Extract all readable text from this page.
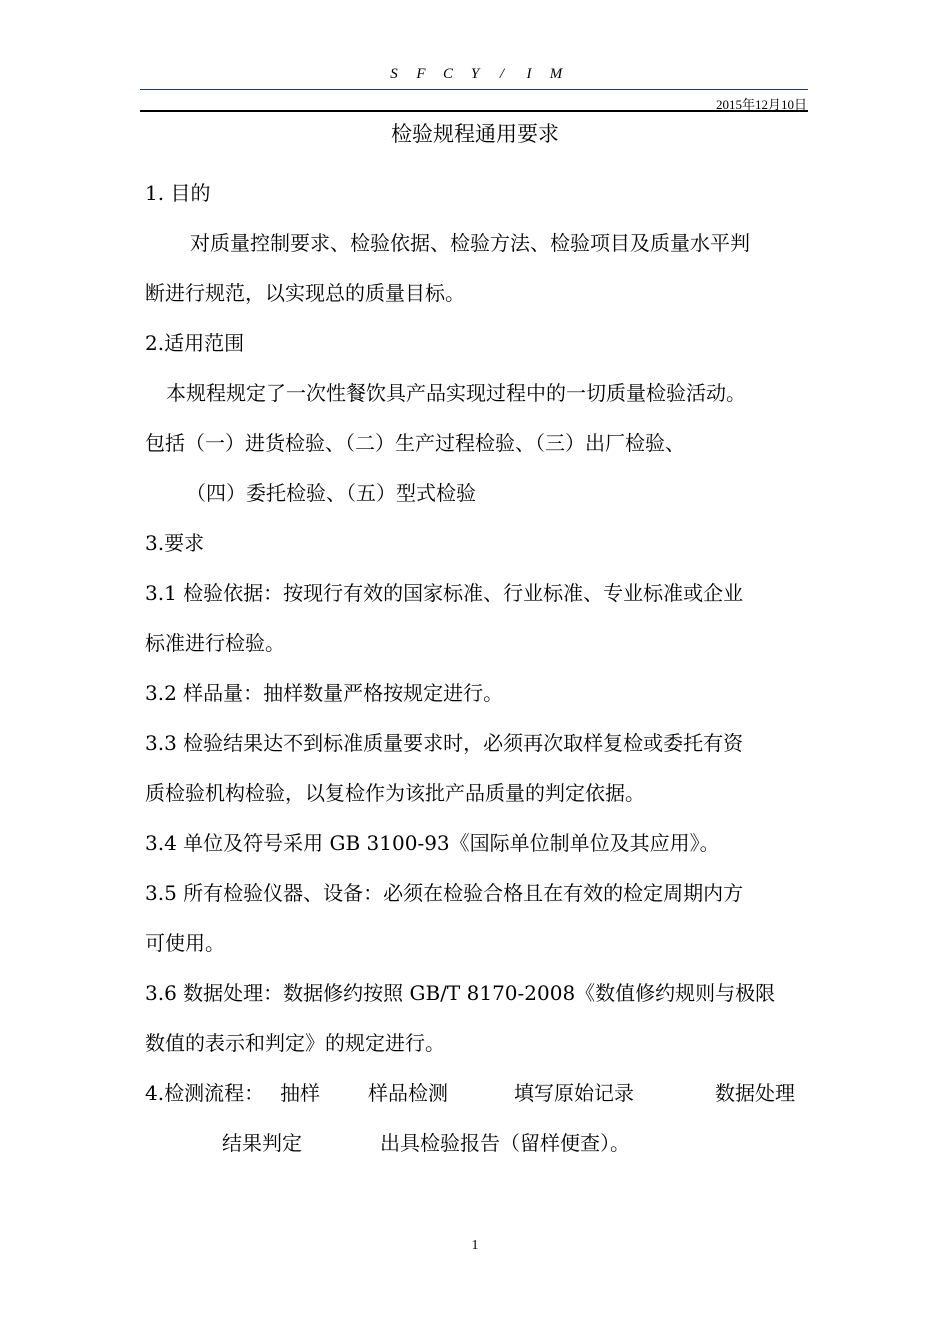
S F C Y / I M
2015年12月10日
检验规程通用要求
1. 目的
对质量控制要求、检验依据、检验方法、检验项目及质量水平判
断进行规范，以实现总的质量目标。
2.适用范围
本规程规定了一次性餐饮具产品实现过程中的一切质量检验活动。
包括（一）进货检验、（二）生产过程检验、（三）出厂检验、
（四）委托检验、（五）型式检验
3.要求
3.1 检验依据：按现行有效的国家标准、行业标准、专业标准或企业
标准进行检验。
3.2 样品量：抽样数量严格按规定进行。
3.3 检验结果达不到标准质量要求时，必须再次取样复检或委托有资
质检验机构检验，以复检作为该批产品质量的判定依据。
3.4 单位及符号采用 GB 3100-93《国际单位制单位及其应用》。
3.5 所有检验仪器、设备：必须在检验合格且在有效的检定周期内方
可使用。
3.6 数据处理：数据修约按照 GB/T 8170-2008《数值修约规则与极限
数值的表示和判定》的规定进行。
4.检测流程： 抽样 样品检测	填写原始记录	数据处理
结果判定	出具检验报告（留样便查）。
1
